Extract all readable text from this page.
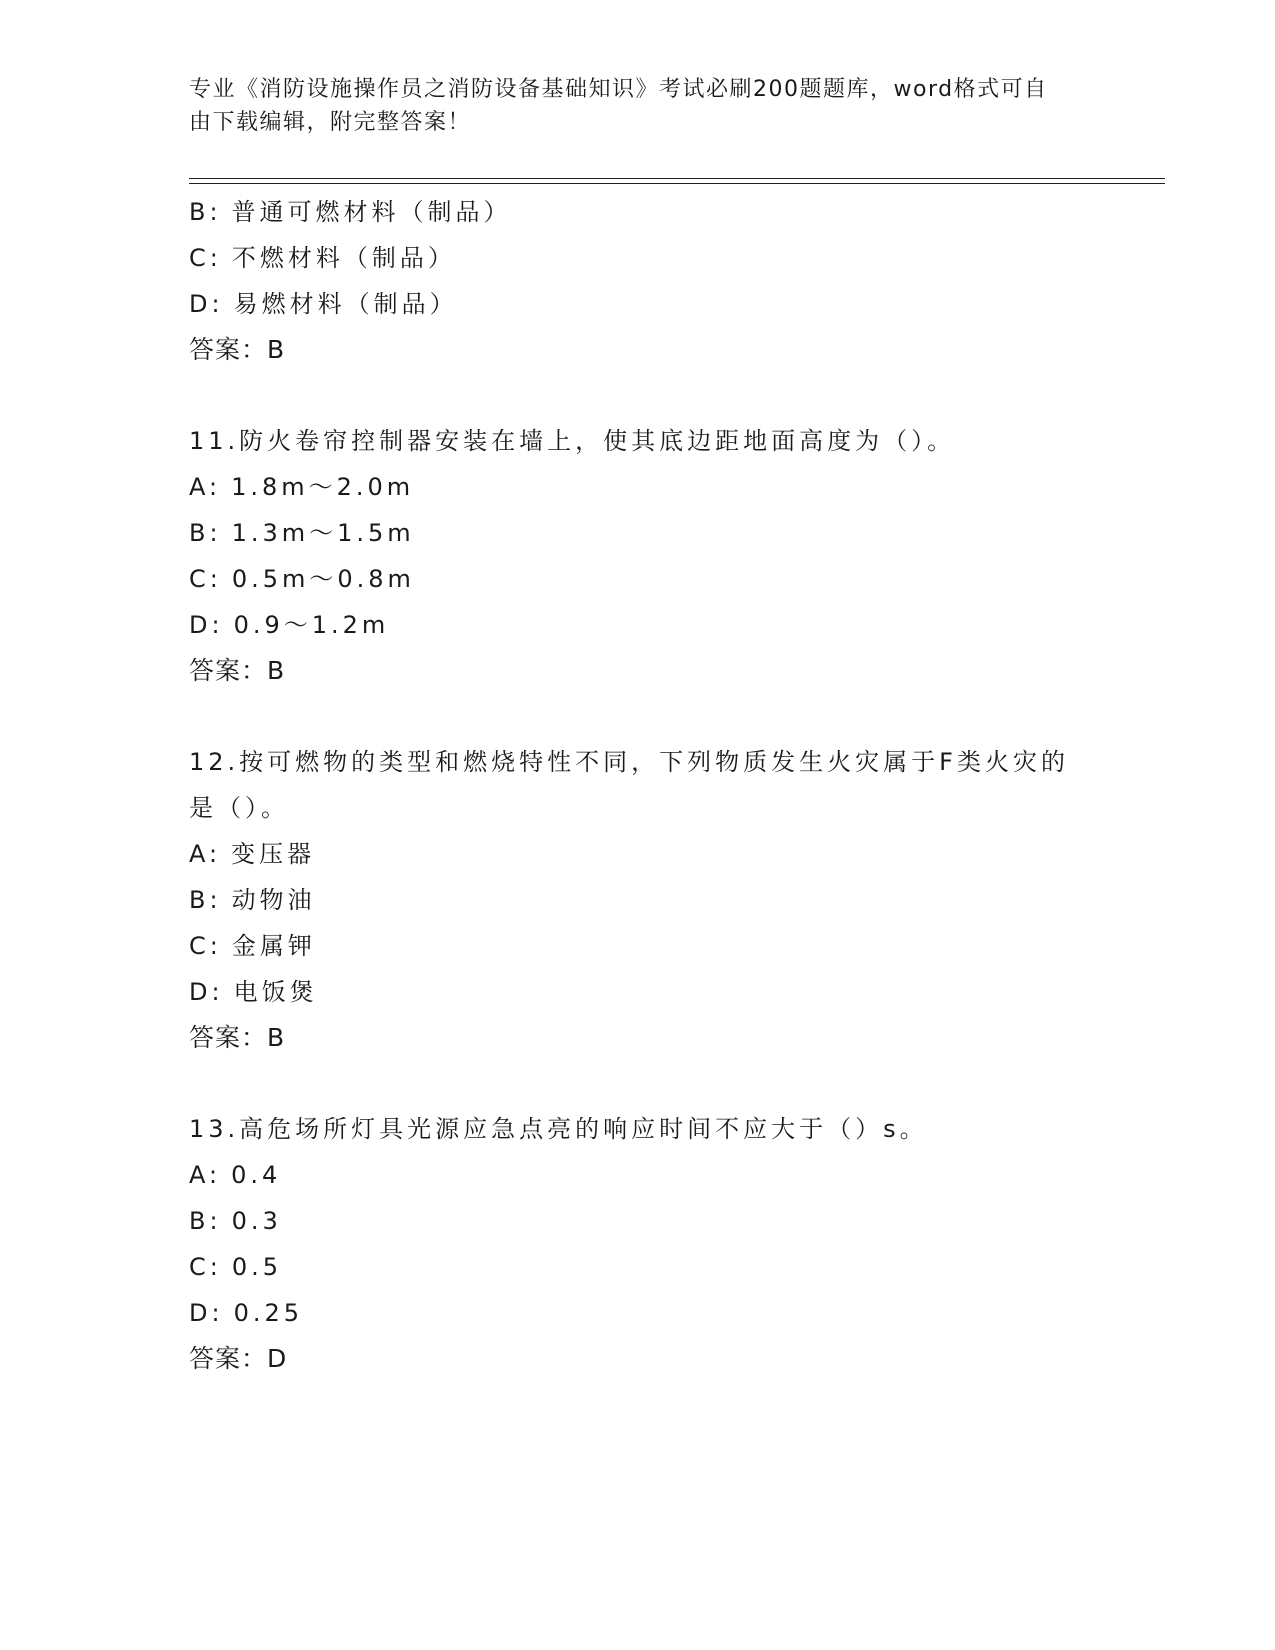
专业《消防设施操作员之消防设备基础知识》考试必刷200题题库，word格式可自由下载编辑，附完整答案！
B: 普通可燃材料（制品）
C: 不燃材料（制品）
D: 易燃材料（制品）
答案：B
11.防火卷帘控制器安装在墙上，使其底边距地面高度为（）。
A: 1.8m～2.0m
B: 1.3m～1.5m
C: 0.5m～0.8m
D: 0.9～1.2m
答案：B
12.按可燃物的类型和燃烧特性不同，下列物质发生火灾属于F类火灾的是（）。
A: 变压器
B: 动物油
C: 金属钾
D: 电饭煲
答案：B
13.高危场所灯具光源应急点亮的响应时间不应大于（）s。
A: 0.4
B: 0.3
C: 0.5
D: 0.25
答案：D
